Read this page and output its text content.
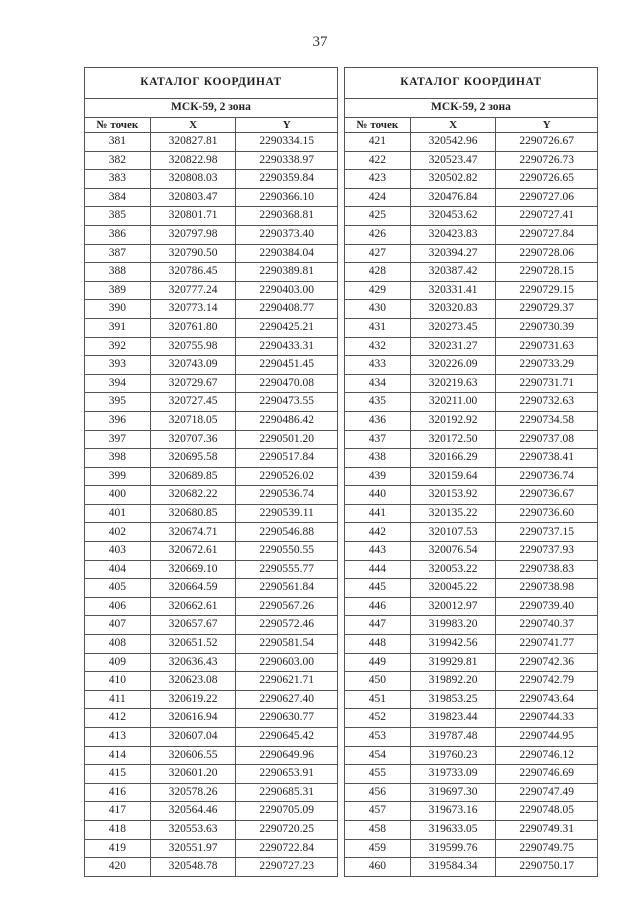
37
КАТАЛОГ КООРДИНАТ		
МСК-59, 2 зона		
№ точек	X	Y
381	320827.81	2290334.15
382	320822.98	2290338.97
383	320808.03	2290359.84
384	320803.47	2290366.10
385	320801.71	2290368.81
386	320797.98	2290373.40
387	320790.50	2290384.04
388	320786.45	2290389.81
389	320777.24	2290403.00
390	320773.14	2290408.77
391	320761.80	2290425.21
392	320755.98	2290433.31
393	320743.09	2290451.45
394	320729.67	2290470.08
395	320727.45	2290473.55
396	320718.05	2290486.42
397	320707.36	2290501.20
398	320695.58	2290517.84
399	320689.85	2290526.02
400	320682.22	2290536.74
401	320680.85	2290539.11
402	320674.71	2290546.88
403	320672.61	2290550.55
404	320669.10	2290555.77
405	320664.59	2290561.84
406	320662.61	2290567.26
407	320657.67	2290572.46
408	320651.52	2290581.54
409	320636.43	2290603.00
410	320623.08	2290621.71
411	320619.22	2290627.40
412	320616.94	2290630.77
413	320607.04	2290645.42
414	320606.55	2290649.96
415	320601.20	2290653.91
416	320578.26	2290685.31
417	320564.46	2290705.09
418	320553.63	2290720.25
419	320551.97	2290722.84
420	320548.78	2290727.23
КАТАЛОГ КООРДИНАТ		
МСК-59, 2 зона		
№ точек	X	Y
421	320542.96	2290726.67
422	320523.47	2290726.73
423	320502.82	2290726.65
424	320476.84	2290727.06
425	320453.62	2290727.41
426	320423.83	2290727.84
427	320394.27	2290728.06
428	320387.42	2290728.15
429	320331.41	2290729.15
430	320320.83	2290729.37
431	320273.45	2290730.39
432	320231.27	2290731.63
433	320226.09	2290733.29
434	320219.63	2290731.71
435	320211.00	2290732.63
436	320192.92	2290734.58
437	320172.50	2290737.08
438	320166.29	2290738.41
439	320159.64	2290736.74
440	320153.92	2290736.67
441	320135.22	2290736.60
442	320107.53	2290737.15
443	320076.54	2290737.93
444	320053.22	2290738.83
445	320045.22	2290738.98
446	320012.97	2290739.40
447	319983.20	2290740.37
448	319942.56	2290741.77
449	319929.81	2290742.36
450	319892.20	2290742.79
451	319853.25	2290743.64
452	319823.44	2290744.33
453	319787.48	2290744.95
454	319760.23	2290746.12
455	319733.09	2290746.69
456	319697.30	2290747.49
457	319673.16	2290748.05
458	319633.05	2290749.31
459	319599.76	2290749.75
460	319584.34	2290750.17
